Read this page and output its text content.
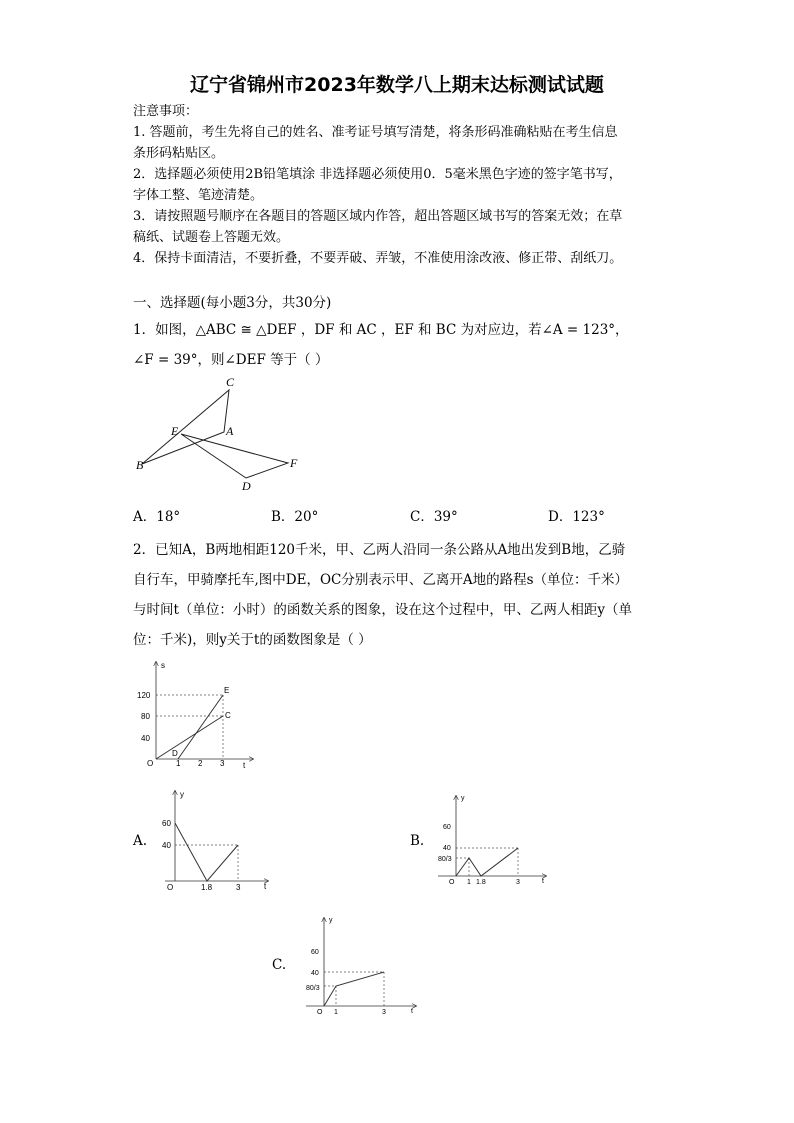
辽宁省锦州市2023年数学八上期末达标测试试题
注意事项：
1. 答题前，考生先将自己的姓名、准考证号填写清楚，将条形码准确粘贴在考生信息
条形码粘贴区。
2．选择题必须使用2B铅笔填涂 非选择题必须使用0．5毫米黑色字迹的签字笔书写，
字体工整、笔迹清楚。
3．请按照题号顺序在各题目的答题区域内作答，超出答题区域书写的答案无效；在草
稿纸、试题卷上答题无效。
4．保持卡面清洁，不要折叠，不要弄破、弄皱，不准使用涂改液、修正带、刮纸刀。
一、选择题(每小题3分，共30分)
1．如图，△ABC ≅ △DEF ，DF 和 AC ，EF 和 BC 为对应边，若∠A = 123°，
∠F = 39°，则∠DEF 等于（ ）
C
E	A
B	F
D
A．18°	B．20°	C．39°	D．123°
2．已知A，B两地相距120千米，甲、乙两人沿同一条公路从A地出发到B地，乙骑
自行车，甲骑摩托车,图中DE，OC分别表示甲、乙离开A地的路程s（单位：千米）
与时间t（单位：小时）的函数关系的图象，设在这个过程中，甲、乙两人相距y（单
位：千米)，则y关于t的函数图象是（ ）
s
t
120
80
40
O	1 2 3
E
C
D
A.
y
t
O
60
40
1.8	3
B.
y
t
O
60
40
80/3
1 1.8	3
C.
y
t
O
60
40
80/3
1	3
